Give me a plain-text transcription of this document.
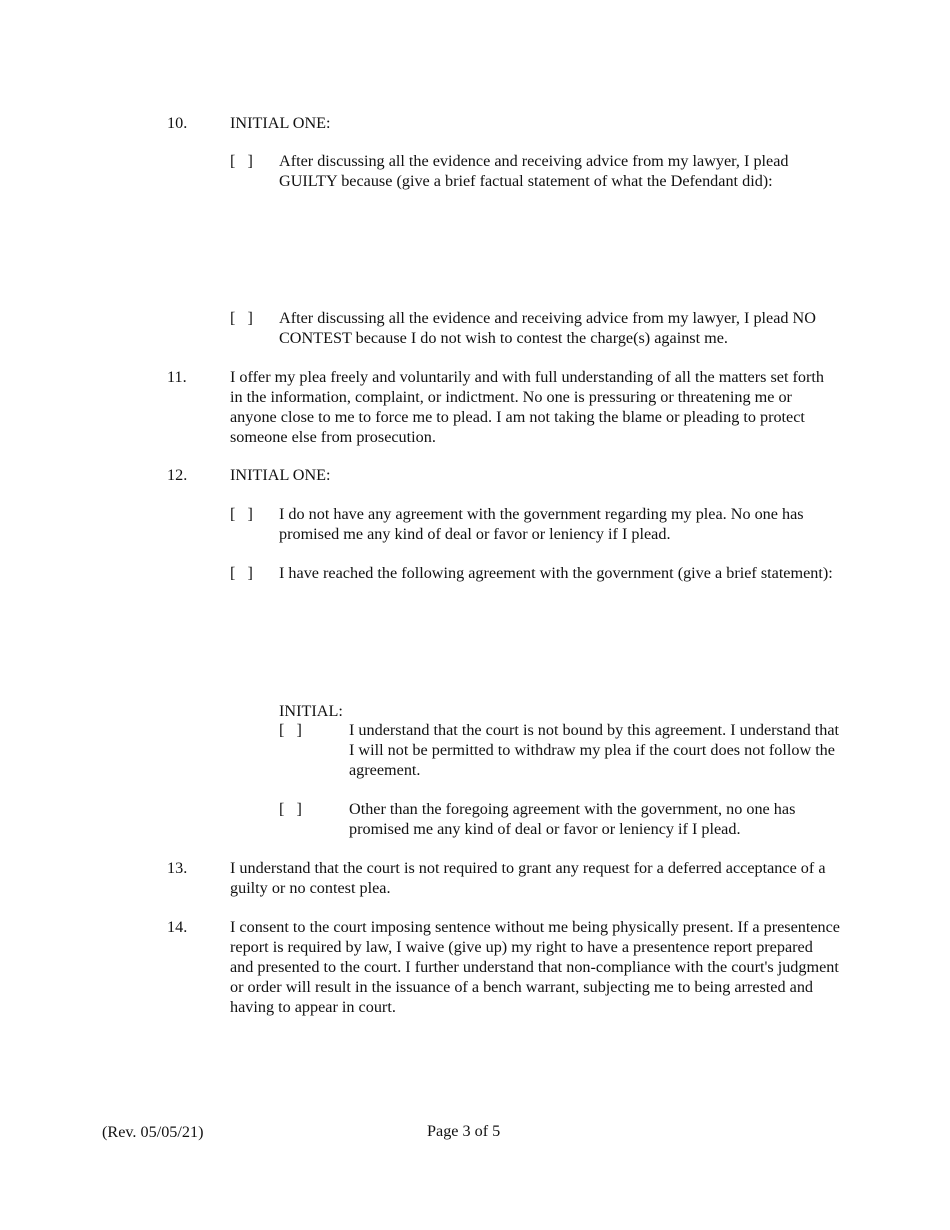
10.	INITIAL ONE:
[   ] After discussing all the evidence and receiving advice from my lawyer, I plead GUILTY because (give a brief factual statement of what the Defendant did):
[   ] After discussing all the evidence and receiving advice from my lawyer, I plead NO CONTEST because I do not wish to contest the charge(s) against me.
11.	I offer my plea freely and voluntarily and with full understanding of all the matters set forth in the information, complaint, or indictment. No one is pressuring or threatening me or anyone close to me to force me to plead. I am not taking the blame or pleading to protect someone else from prosecution.
12.	INITIAL ONE:
[   ] I do not have any agreement with the government regarding my plea. No one has promised me any kind of deal or favor or leniency if I plead.
[   ] I have reached the following agreement with the government (give a brief statement):
INITIAL:
[   ]	I understand that the court is not bound by this agreement. I understand that I will not be permitted to withdraw my plea if the court does not follow the agreement.
[   ]	Other than the foregoing agreement with the government, no one has promised me any kind of deal or favor or leniency if I plead.
13.	I understand that the court is not required to grant any request for a deferred acceptance of a guilty or no contest plea.
14.	I consent to the court imposing sentence without me being physically present. If a presentence report is required by law, I waive (give up) my right to have a presentence report prepared and presented to the court. I further understand that non-compliance with the court's judgment or order will result in the issuance of a bench warrant, subjecting me to being arrested and having to appear in court.
(Rev. 05/05/21)	Page 3 of 5
